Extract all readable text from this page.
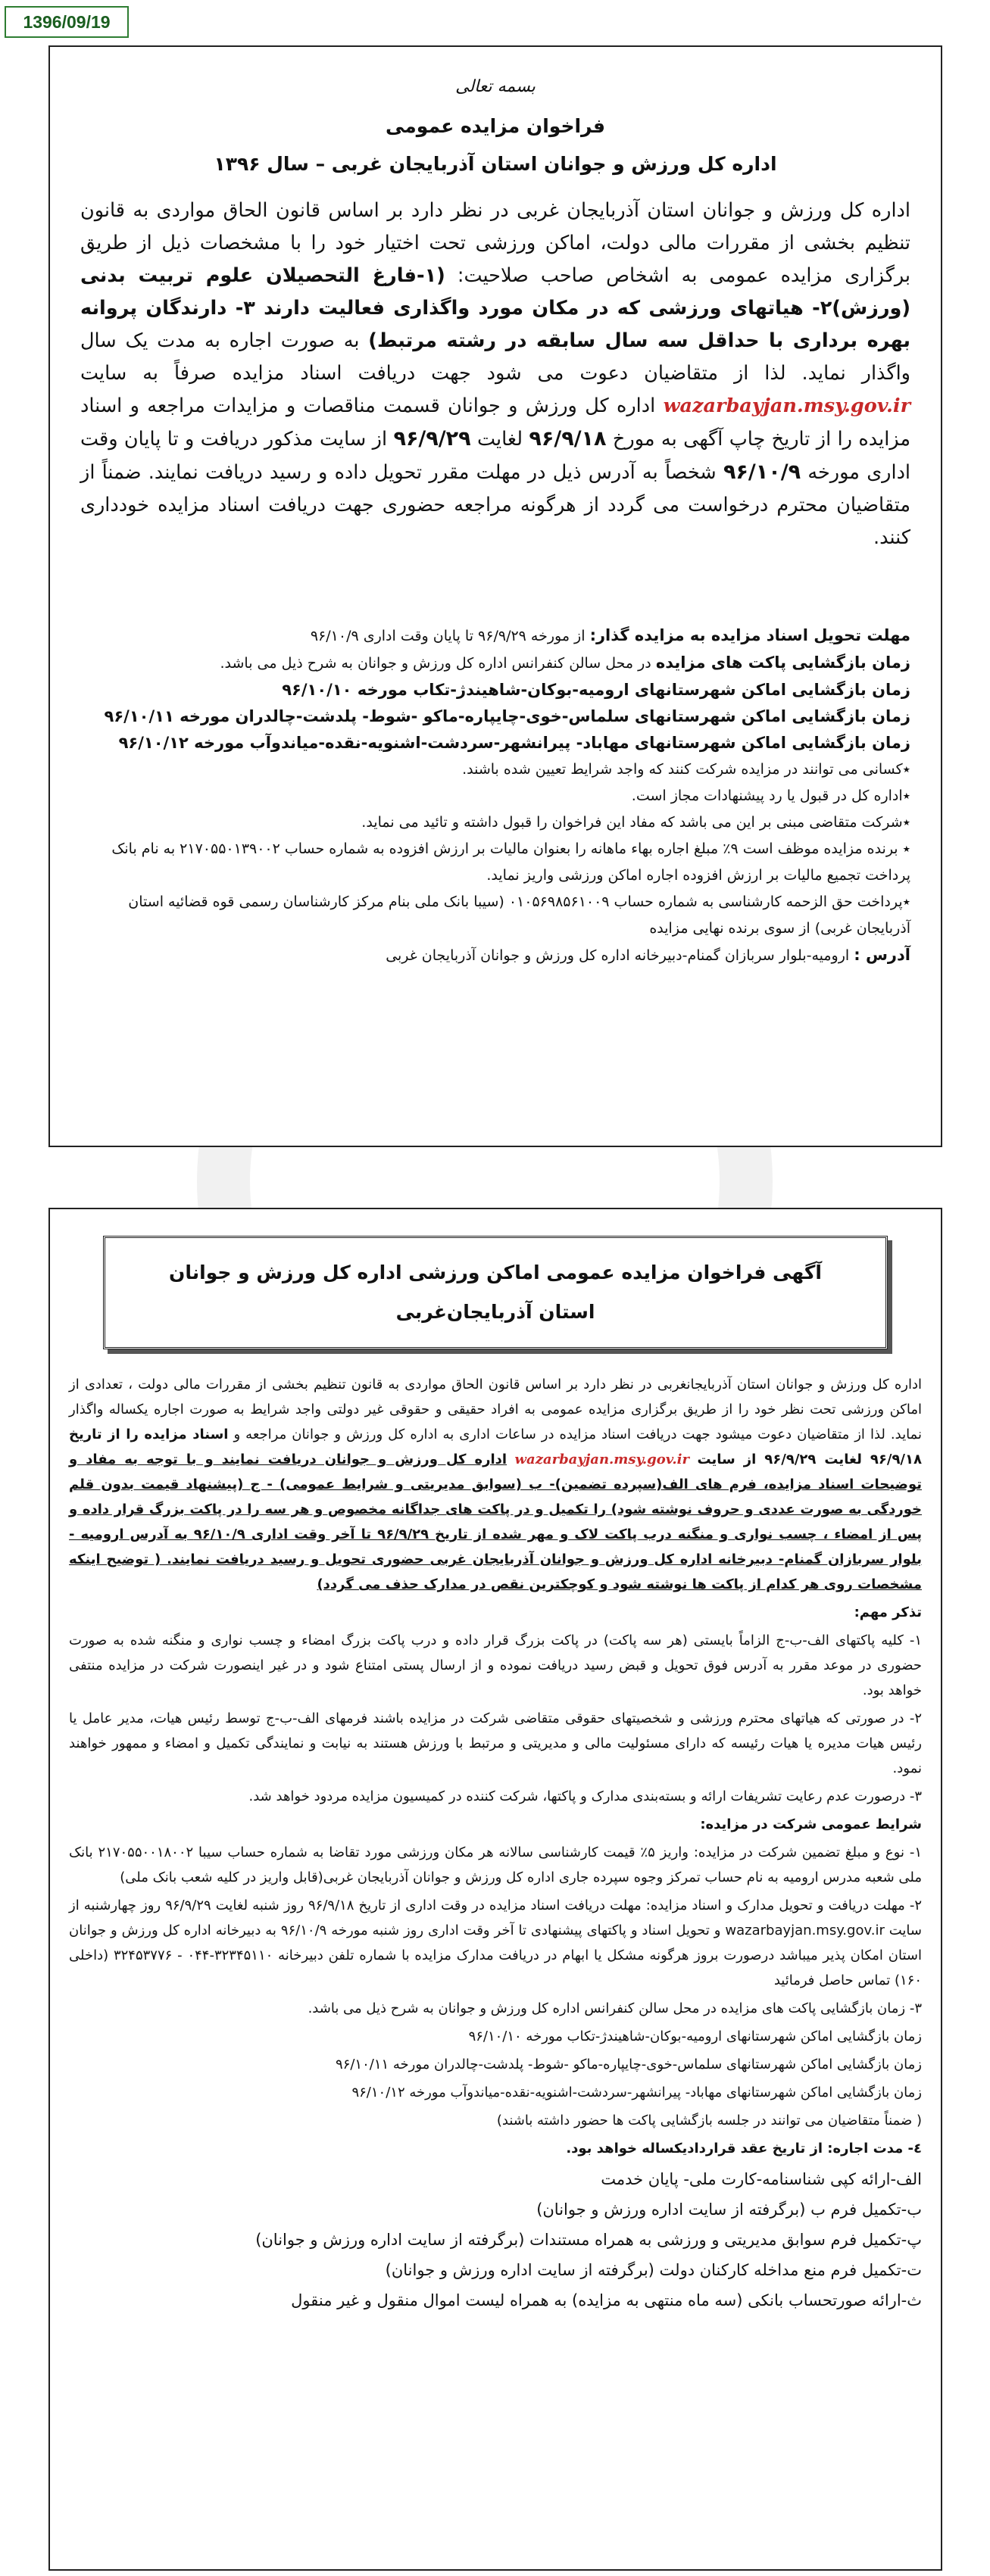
1396/09/19
بسمه تعالی
فراخوان مزایده عمومی
اداره کل ورزش و جوانان استان آذربایجان غربی – سال ۱۳۹۶
اداره کل ورزش و جوانان استان آذربایجان غربی در نظر دارد بر اساس قانون الحاق مواردی به قانون تنظیم بخشی از مقررات مالی دولت، اماکن ورزشی تحت اختیار خود را با مشخصات ذیل از طریق برگزاری مزایده عمومی به اشخاص صاحب صلاحیت: (۱-فارغ التحصیلان علوم تربیت بدنی (ورزش)۲- هیاتهای ورزشی که در مکان مورد واگذاری فعالیت دارند ۳- دارندگان پروانه بهره برداری با حداقل سه سال سابقه در رشته مرتبط) به صورت اجاره به مدت یک سال واگذار نماید. لذا از متقاضیان دعوت می شود جهت دریافت اسناد مزایده صرفاً به سایت wazarbayjan.msy.gov.ir اداره کل ورزش و جوانان قسمت مناقصات و مزایدات مراجعه و اسناد مزایده را از تاریخ چاپ آگهی به مورخ ۹۶/۹/۱۸ لغایت ۹۶/۹/۲۹ از سایت مذکور دریافت و تا پایان وقت اداری مورخه ۹۶/۱۰/۹ شخصاً به آدرس ذیل در مهلت مقرر تحویل داده و رسید دریافت نمایند. ضمناً از متقاضیان محترم درخواست می گردد از هرگونه مراجعه حضوری جهت دریافت اسناد مزایده خودداری کنند.

مهلت تحویل اسناد مزایده به مزایده گذار: از مورخه ۹۶/۹/۲۹ تا پایان وقت اداری ۹۶/۱۰/۹

زمان بازگشایی پاکت های مزایده در محل سالن کنفرانس اداره کل ورزش و جوانان به شرح ذیل می باشد.

زمان بازگشایی اماکن شهرستانهای ارومیه-بوکان-شاهیندژ-تکاب مورخه ۹۶/۱۰/۱۰

زمان بازگشایی اماکن شهرستانهای سلماس-خوی-چایپاره-ماکو -شوط- پلدشت-چالدران مورخه ۹۶/۱۰/۱۱

زمان بازگشایی اماکن شهرستانهای مهاباد- پیرانشهر-سردشت-اشنویه-نقده-میاندوآب مورخه ۹۶/۱۰/۱۲

٭کسانی می توانند در مزایده شرکت کنند که واجد شرایط تعیین شده باشند.

٭اداره کل در قبول یا رد پیشنهادات مجاز است.

٭شرکت متقاضی مبنی بر این می باشد که مفاد این فراخوان را قبول داشته و تائید می نماید.

٭ برنده مزایده موظف است ۹٪ مبلغ اجاره بهاء ماهانه را بعنوان مالیات بر ارزش افزوده به شماره حساب ۲۱۷۰۵۵۰۱۳۹۰۰۲ به نام بانک پرداخت تجمیع مالیات بر ارزش افزوده اجاره اماکن ورزشی واریز نماید.

٭پرداخت حق الزحمه کارشناسی به شماره حساب ۰۱۰۵۶۹۸۵۶۱۰۰۹ (سیبا بانک ملی بنام مرکز کارشناسان رسمی قوه قضائیه استان آذربایجان غربی) از سوی برنده نهایی مزایده

آدرس : ارومیه-بلوار سربازان گمنام-دبیرخانه اداره کل ورزش و جوانان آذربایجان غربی

آگهی فراخوان مزایده عمومی اماکن ورزشی اداره کل ورزش و جوانان
استان آذربایجان‌غربی

اداره کل ورزش و جوانان استان آذربایجانغربی در نظر دارد بر اساس قانون الحاق مواردی به قانون تنظیم بخشی از مقررات مالی دولت ، تعدادی از اماکن ورزشی تحت نظر خود را از طریق برگزاری مزایده عمومی به افراد حقیقی و حقوقی غیر دولتی واجد شرایط به صورت اجاره یکساله واگذار نماید. لذا از متقاضیان دعوت میشود جهت دریافت اسناد مزایده در ساعات اداری به اداره کل ورزش و جوانان مراجعه و اسناد مزایده را از تاریخ ۹۶/۹/۱۸ لغایت ۹۶/۹/۲۹ از سایت wazarbayjan.msy.gov.ir اداره کل ورزش و جوانان دریافت نمایند و با توجه به مفاد و توضیحات اسناد مزایده، فرم های الف(سپرده تضمین)- ب (سوابق مدیریتی و شرایط عمومی) - ج (پیشنهاد قیمت بدون قلم خوردگی به صورت عددی و حروف نوشته شود) را تکمیل و در پاکت های جداگانه مخصوص و هر سه را در پاکت بزرگ قرار داده و پس از امضاء ، چسب نواری و منگنه درب پاکت لاک و مهر شده از تاریخ ۹۶/۹/۲۹ تا آخر وقت اداری ۹۶/۱۰/۹ به آدرس ارومیه - بلوار سربازان گمنام- دبیرخانه اداره کل ورزش و جوانان آذربایجان غربی حضوری تحویل و رسید دریافت نمایند. ( توضیح اینکه مشخصات روی هر کدام از پاکت ها نوشته شود و کوچکترین نقص در مدارک حذف می گردد)

تذکر مهم:

۱- کلیه پاکتهای الف-ب-ج الزاماً بایستی (هر سه پاکت) در پاکت بزرگ قرار داده و درب پاکت بزرگ امضاء و چسب نواری و منگنه شده به صورت حضوری در موعد مقرر به آدرس فوق تحویل و قبض رسید دریافت نموده و از ارسال پستی امتناع شود و در غیر اینصورت شرکت در مزایده منتفی خواهد بود.

۲- در صورتی که هیاتهای محترم ورزشی و شخصیتهای حقوقی متقاضی شرکت در مزایده باشند فرمهای الف-ب-ج توسط رئیس هیات، مدیر عامل یا رئیس هیات مدیره یا هیات رئیسه که دارای مسئولیت مالی و مدیریتی و مرتبط با ورزش هستند به نیابت و نمایندگی تکمیل و امضاء و ممهور خواهند نمود.

۳- درصورت عدم رعایت تشریفات ارائه و بسته‌بندی مدارک و پاکتها، شرکت کننده در کمیسیون مزایده مردود خواهد شد.

شرایط عمومی شرکت در مزایده:

۱- نوع و مبلغ تضمین شرکت در مزایده: واریز ۵٪ قیمت کارشناسی سالانه هر مکان ورزشی مورد تقاضا به شماره حساب سیبا ۲۱۷۰۵۵۰۰۱۸۰۰۲ بانک ملی شعبه مدرس ارومیه به نام حساب تمرکز وجوه سپرده جاری اداره کل ورزش و جوانان آذربایجان غربی(قابل واریز در کلیه شعب بانک ملی)

۲- مهلت دریافت و تحویل مدارک و اسناد مزایده: مهلت دریافت اسناد مزایده در وقت اداری از تاریخ ۹۶/۹/۱۸ روز شنبه لغایت ۹۶/۹/۲۹ روز چهارشنبه از سایت wazarbayjan.msy.gov.ir و تحویل اسناد و پاکتهای پیشنهادی تا آخر وقت اداری روز شنبه مورخه ۹۶/۱۰/۹ به دبیرخانه اداره کل ورزش و جوانان استان امکان پذیر میباشد درصورت بروز هرگونه مشکل یا ابهام در دریافت مدارک مزایده با شماره تلفن دبیرخانه ۳۲۳۴۵۱۱۰-۰۴۴ - ۳۲۴۵۳۷۷۶ (داخلی ۱۶۰) تماس حاصل فرمائید

۳- زمان بازگشایی پاکت های مزایده در محل سالن کنفرانس اداره کل ورزش و جوانان به شرح ذیل می باشد.

زمان بازگشایی اماکن شهرستانهای ارومیه-بوکان-شاهیندژ-تکاب مورخه ۹۶/۱۰/۱۰

زمان بازگشایی اماکن شهرستانهای سلماس-خوی-چایپاره-ماکو -شوط- پلدشت-چالدران مورخه ۹۶/۱۰/۱۱

زمان بازگشایی اماکن شهرستانهای مهاباد- پیرانشهر-سردشت-اشنویه-نقده-میاندوآب مورخه ۹۶/۱۰/۱۲

( ضمناً متقاضیان می توانند در جلسه بازگشایی پاکت ها حضور داشته باشند)

٤- مدت اجاره: از تاریخ عقد قراردادیکساله خواهد بود.

الف-ارائه کپی شناسنامه-کارت ملی- پایان خدمت

ب-تکمیل فرم ب (برگرفته از سایت اداره ورزش و جوانان)

پ-تکمیل فرم سوابق مدیریتی و ورزشی به همراه مستندات (برگرفته از سایت اداره ورزش و جوانان)

ت-تکمیل فرم منع مداخله کارکنان دولت (برگرفته از سایت اداره ورزش و جوانان)

ث-ارائه صورتحساب بانکی (سه ماه منتهی به مزایده) به همراه لیست اموال منقول و غیر منقول
